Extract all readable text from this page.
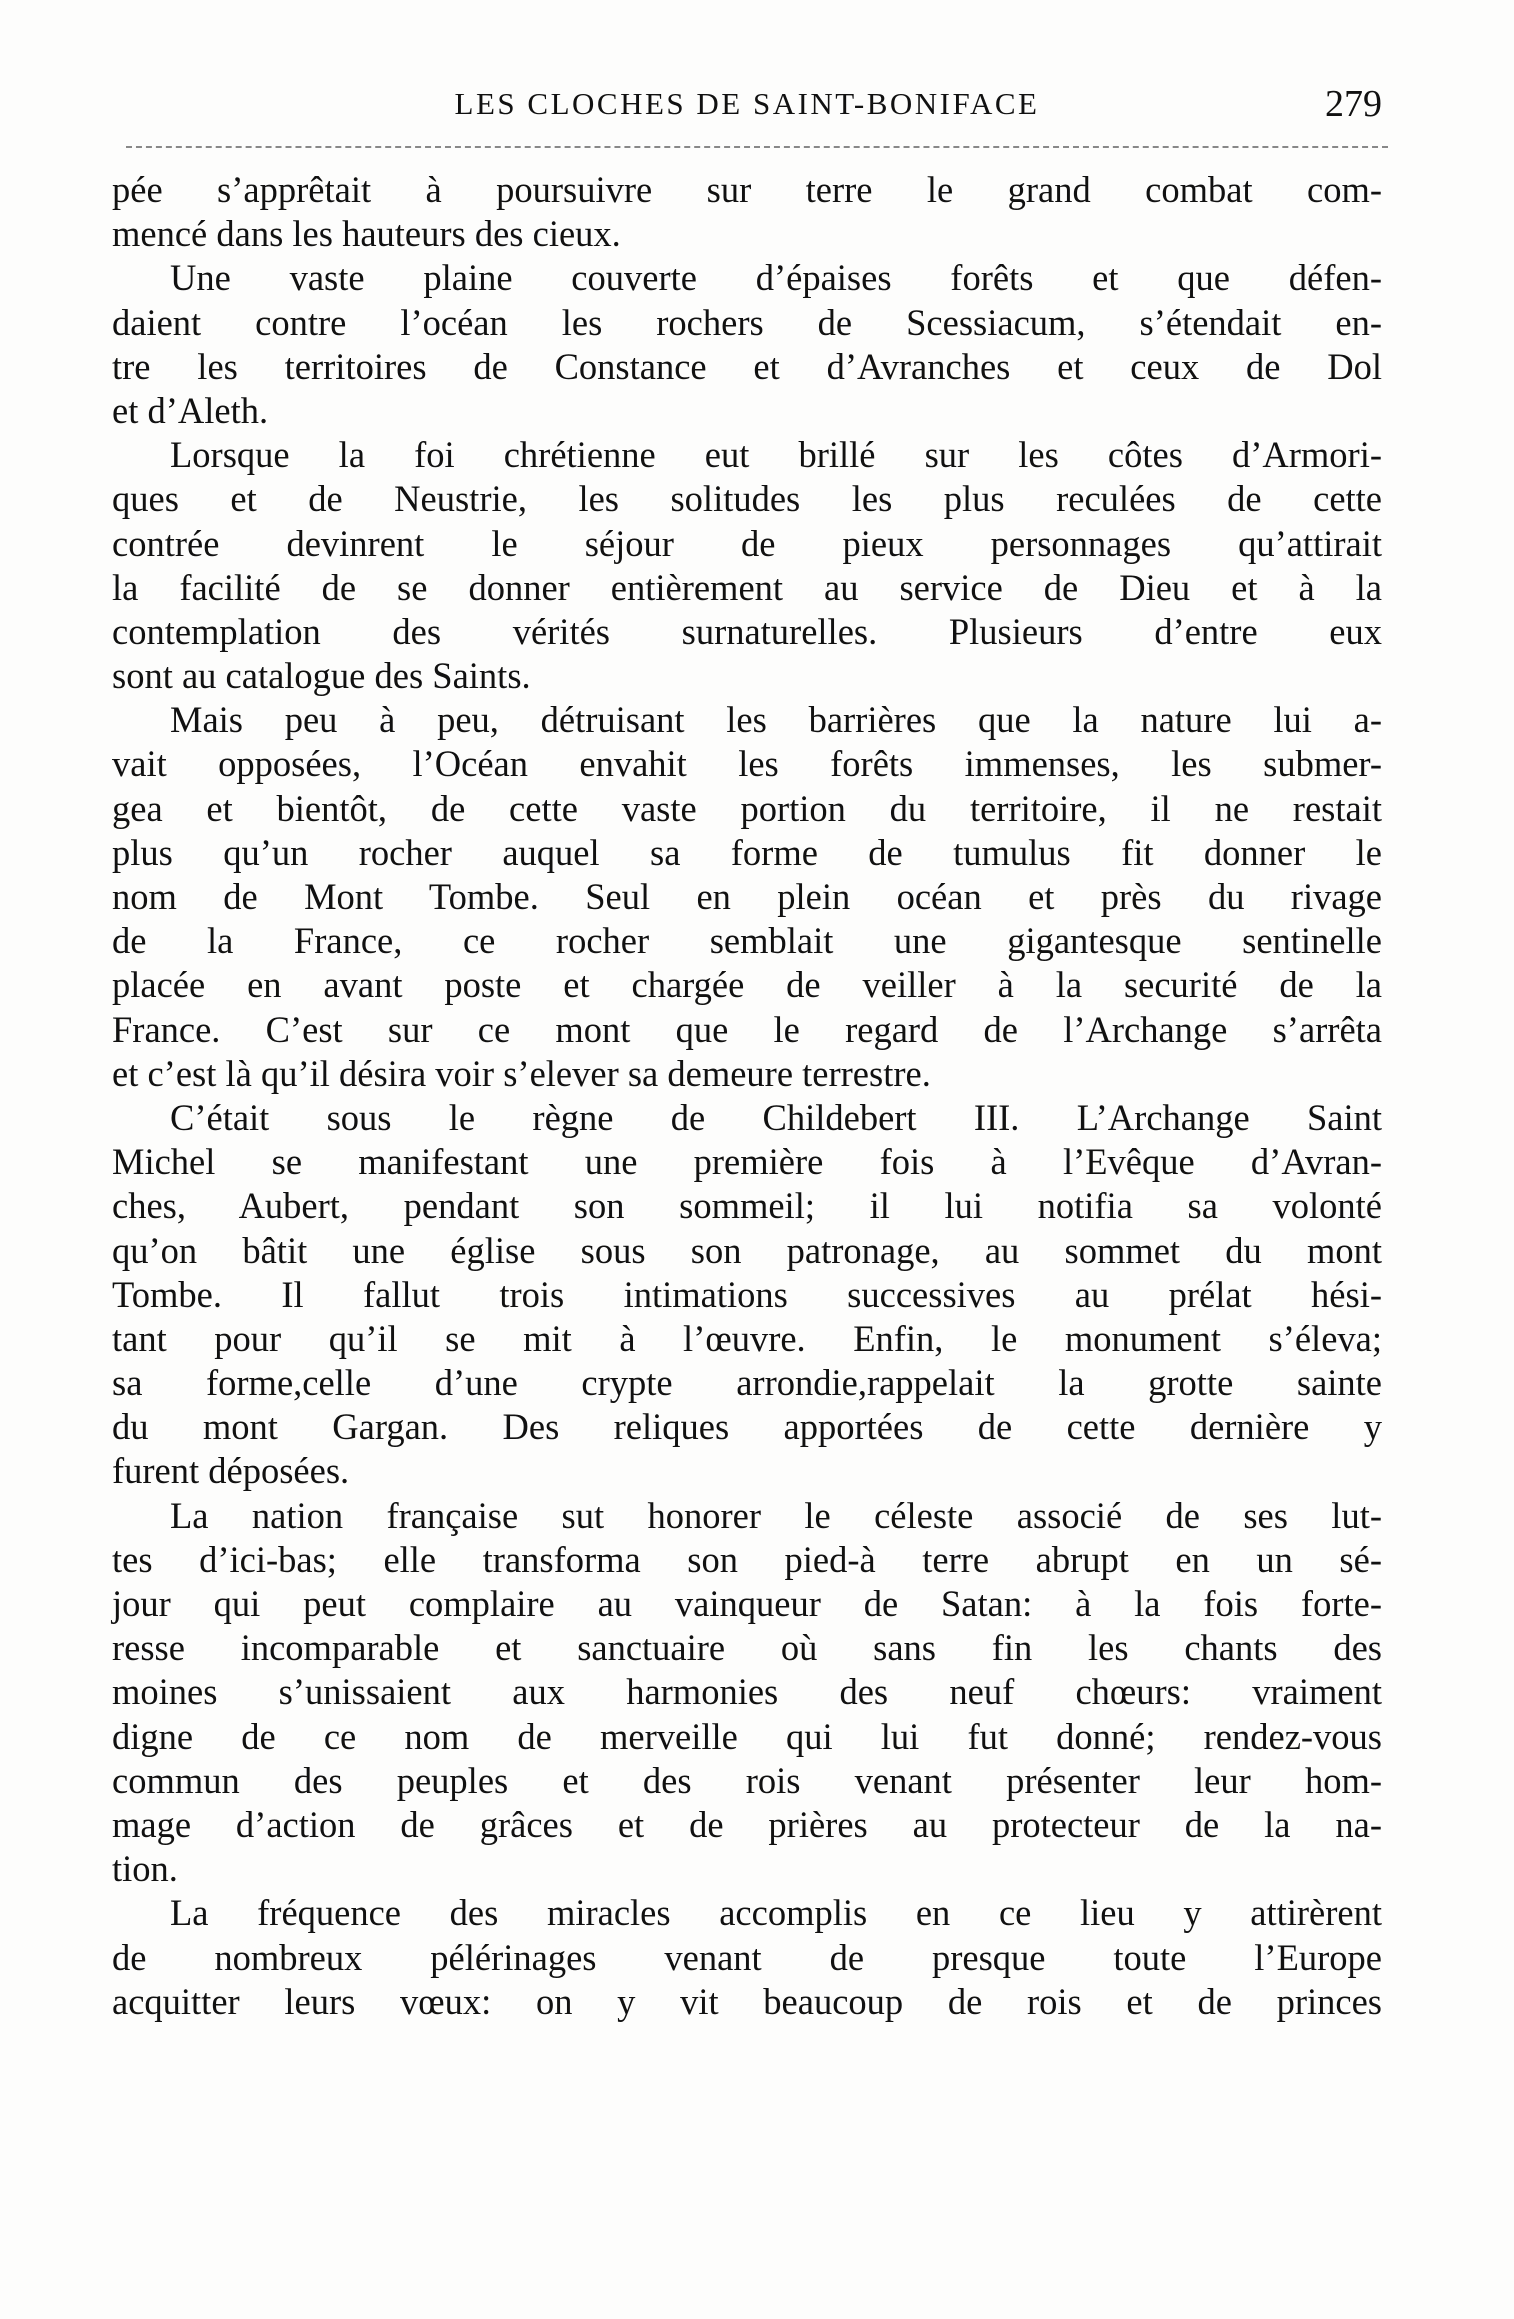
LES CLOCHES DE SAINT-BONIFACE	279
pée s’apprêtait à poursuivre sur terre le grand combat com-
mencé dans les hauteurs des cieux.
Une vaste plaine couverte d’épaises forêts et que défen-
daient contre l’océan les rochers de Scessiacum, s’étendait en-
tre les territoires de Constance et d’Avranches et ceux de Dol
et d’Aleth.
Lorsque la foi chrétienne eut brillé sur les côtes d’Armori-
ques et de Neustrie, les solitudes les plus reculées de cette
contrée devinrent le séjour de pieux personnages qu’attirait
la facilité de se donner entièrement au service de Dieu et à la
contemplation des vérités surnaturelles. Plusieurs d’entre eux
sont au catalogue des Saints.
Mais peu à peu, détruisant les barrières que la nature lui a-
vait opposées, l’Océan envahit les forêts immenses, les submer-
gea et bientôt, de cette vaste portion du territoire, il ne restait
plus qu’un rocher auquel sa forme de tumulus fit donner le
nom de Mont Tombe. Seul en plein océan et près du rivage
de la France, ce rocher semblait une gigantesque sentinelle
placée en avant poste et chargée de veiller à la securité de la
France. C’est sur ce mont que le regard de l’Archange s’arrêta
et c’est là qu’il désira voir s’elever sa demeure terrestre.
C’était sous le règne de Childebert III. L’Archange Saint
Michel se manifestant une première fois à l’Evêque d’Avran-
ches, Aubert, pendant son sommeil; il lui notifia sa volonté
qu’on bâtit une église sous son patronage, au sommet du mont
Tombe. Il fallut trois intimations successives au prélat hési-
tant pour qu’il se mit à l’œuvre. Enfin, le monument s’éleva;
sa forme,celle d’une crypte arrondie,rappelait la grotte sainte
du mont Gargan. Des reliques apportées de cette dernière y
furent déposées.
La nation française sut honorer le céleste associé de ses lut-
tes d’ici-bas; elle transforma son pied-à terre abrupt en un sé-
jour qui peut complaire au vainqueur de Satan: à la fois forte-
resse incomparable et sanctuaire où sans fin les chants des
moines s’unissaient aux harmonies des neuf chœurs: vraiment
digne de ce nom de merveille qui lui fut donné; rendez-vous
commun des peuples et des rois venant présenter leur hom-
mage d’action de grâces et de prières au protecteur de la na-
tion.
La fréquence des miracles accomplis en ce lieu y attirèrent
de nombreux pélérinages venant de presque toute l’Europe
acquitter leurs vœux: on y vit beaucoup de rois et de princes
